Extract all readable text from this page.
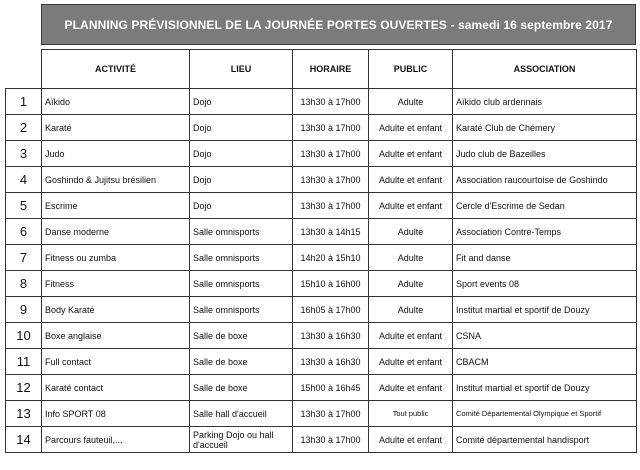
PLANNING PRÉVISIONNEL DE LA JOURNÉE PORTES OUVERTES - samedi 16 septembre 2017
	ACTIVITÉ	LIEU	HORAIRE	PUBLIC	ASSOCIATION
1	Aïkido	Dojo	13h30 à 17h00	Adulte	Aïkido club ardennais
2	Karaté	Dojo	13h30 à 17h00	Adulte et enfant	Karaté Club de Chémery
3	Judo	Dojo	13h30 à 17h00	Adulte et enfant	Judo club de Bazeilles
4	Goshindo & Jujitsu brésilien	Dojo	13h30 à 17h00	Adulte et enfant	Association raucourtoise de Goshindo
5	Escrime	Dojo	13h30 à 17h00	Adulte et enfant	Cercle d'Escrime de Sedan
6	Danse moderne	Salle omnisports	13h30 à 14h15	Adulte	Association Contre-Temps
7	Fitness ou zumba	Salle omnisports	14h20 à 15h10	Adulte	Fit and danse
8	Fitness	Salle omnisports	15h10 à 16h00	Adulte	Sport events 08
9	Body Karaté	Salle omnisports	16h05 à 17h00	Adulte	Institut martial et sportif de Douzy
10	Boxe anglaise	Salle de boxe	13h30 à 16h30	Adulte et enfant	CSNA
11	Full contact	Salle de boxe	13h30 à 16h30	Adulte et enfant	CBACM
12	Karaté contact	Salle de boxe	15h00 à 16h45	Adulte et enfant	Institut martial et sportif de Douzy
13	Info SPORT 08	Salle hall d'accueil	13h30 à 17h00	Tout public	Comité Départemental Olympique et Sportif
14	Parcours fauteuil,...	Parking Dojo ou hall d'accueil	13h30 à 17h00	Adulte et enfant	Comité départemental handisport
